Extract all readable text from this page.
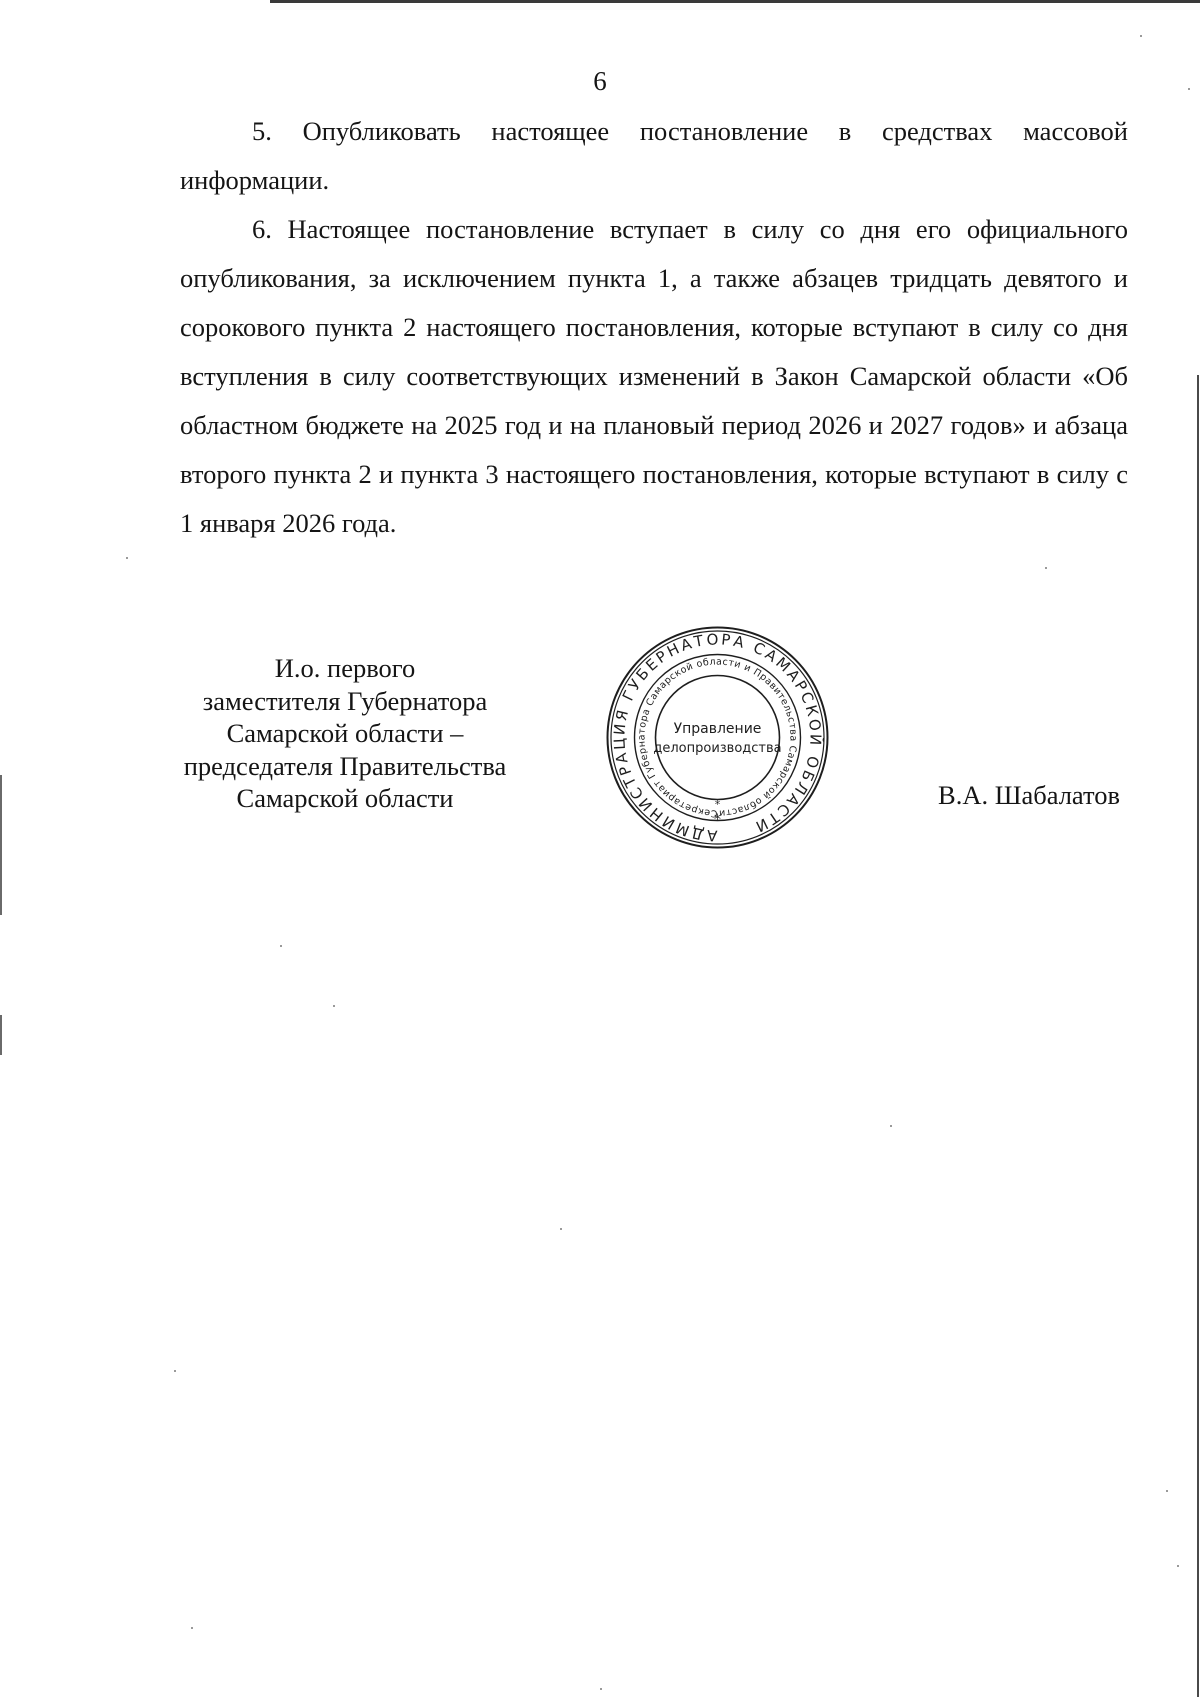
6

5. Опубликовать настоящее постановление в средствах массовой информации.

6. Настоящее постановление вступает в силу со дня его официального опубликования, за исключением пункта 1, а также абзацев тридцать девятого и сорокового пункта 2 настоящего постановления, которые вступают в силу со дня вступления в силу соответствующих изменений в Закон Самарской области «Об областном бюджете на 2025 год и на плановый период 2026 и 2027 годов» и абзаца второго пункта 2 и пункта 3 настоящего постановления, которые вступают в силу с 1 января 2026 года.

И.о. первого
заместителя Губернатора
Самарской области –
председателя Правительства
Самарской области
АДМИНИСТРАЦИЯ ГУБЕРНАТОРА САМАРСКОЙ ОБЛАСТИ
Секретариат Губернатора Самарской области и Правительства Самарской области
Управление
делопроизводства
*
*	В.А. Шабалатов
